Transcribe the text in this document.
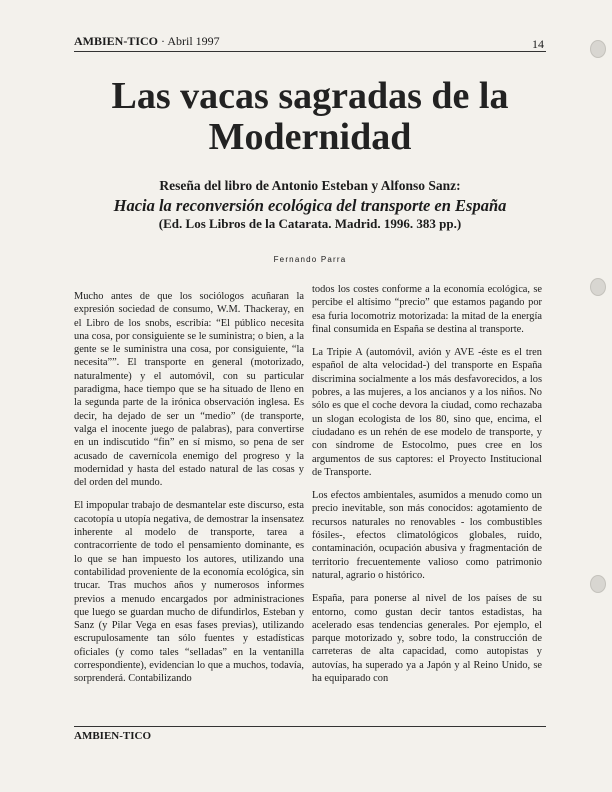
AMBIEN-TICO · Abril 1997	14
Las vacas sagradas de la
Modernidad
Reseña del libro de Antonio Esteban y Alfonso Sanz:
Hacia la reconversión ecológica del transporte en España
(Ed. Los Libros de la Catarata. Madrid. 1996. 383 pp.)
Fernando Parra

Mucho antes de que los sociólogos acuñaran la expresión sociedad de consumo, W.M. Thackeray, en el Libro de los snobs, escribía: “El público necesita una cosa, por consiguiente se le suministra; o bien, a la gente se le suministra una cosa, por consiguiente, “la necesita””. El transporte en general (motorizado, naturalmente) y el automóvil, con su particular paradigma, hace tiempo que se ha situado de lleno en la segunda parte de la irónica observación inglesa. Es decir, ha dejado de ser un “medio” (de transporte, valga el inocente juego de palabras), para convertirse en un indiscutido “fin” en sí mismo, so pena de ser acusado de cavernícola enemigo del progreso y la modernidad y hasta del estado natural de las cosas y del orden del mundo.

El impopular trabajo de desmantelar este discurso, esta cacotopía u utopía negativa, de demostrar la insensatez inherente al modelo de transporte, tarea a contracorriente de todo el pensamiento dominante, es lo que se han impuesto los autores, utilizando una contabilidad proveniente de la economía ecológica, sin trucar. Tras muchos años y numerosos informes previos a menudo encargados por administraciones que luego se guardan mucho de difundirlos, Esteban y Sanz (y Pilar Vega en esas fases previas), utilizando escrupulosamente tan sólo fuentes y estadísticas oficiales (y como tales “selladas” en la ventanilla correspondiente), evidencian lo que a muchos, todavía, sorprenderá. Contabilizando

todos los costes conforme a la economía ecológica, se percibe el altísimo “precio” que estamos pagando por esa furia locomotriz motorizada: la mitad de la energía final consumida en España se destina al transporte.

La Tripie A (automóvil, avión y AVE -éste es el tren español de alta velocidad-) del transporte en España discrimina socialmente a los más desfavorecidos, a los pobres, a las mujeres, a los ancianos y a los niños. No sólo es que el coche devora la ciudad, como rechazaba un slogan ecologista de los 80, sino que, encima, el ciudadano es un rehén de ese modelo de transporte, y con síndrome de Estocolmo, pues cree en los argumentos de sus captores: el Proyecto Institucional de Transporte.

Los efectos ambientales, asumidos a menudo como un precio inevitable, son más conocidos: agotamiento de recursos naturales no renovables - los combustibles fósiles-, efectos climatológicos globales, ruido, contaminación, ocupación abusiva y fragmentación de territorio frecuentemente valioso como patrimonio natural, agrario o histórico.

España, para ponerse al nivel de los países de su entorno, como gustan decir tantos estadistas, ha acelerado esas tendencias generales. Por ejemplo, el parque motorizado y, sobre todo, la construcción de carreteras de alta capacidad, como autopistas y autovías, ha superado ya a Japón y al Reino Unido, se ha equiparado con

AMBIEN-TICO
